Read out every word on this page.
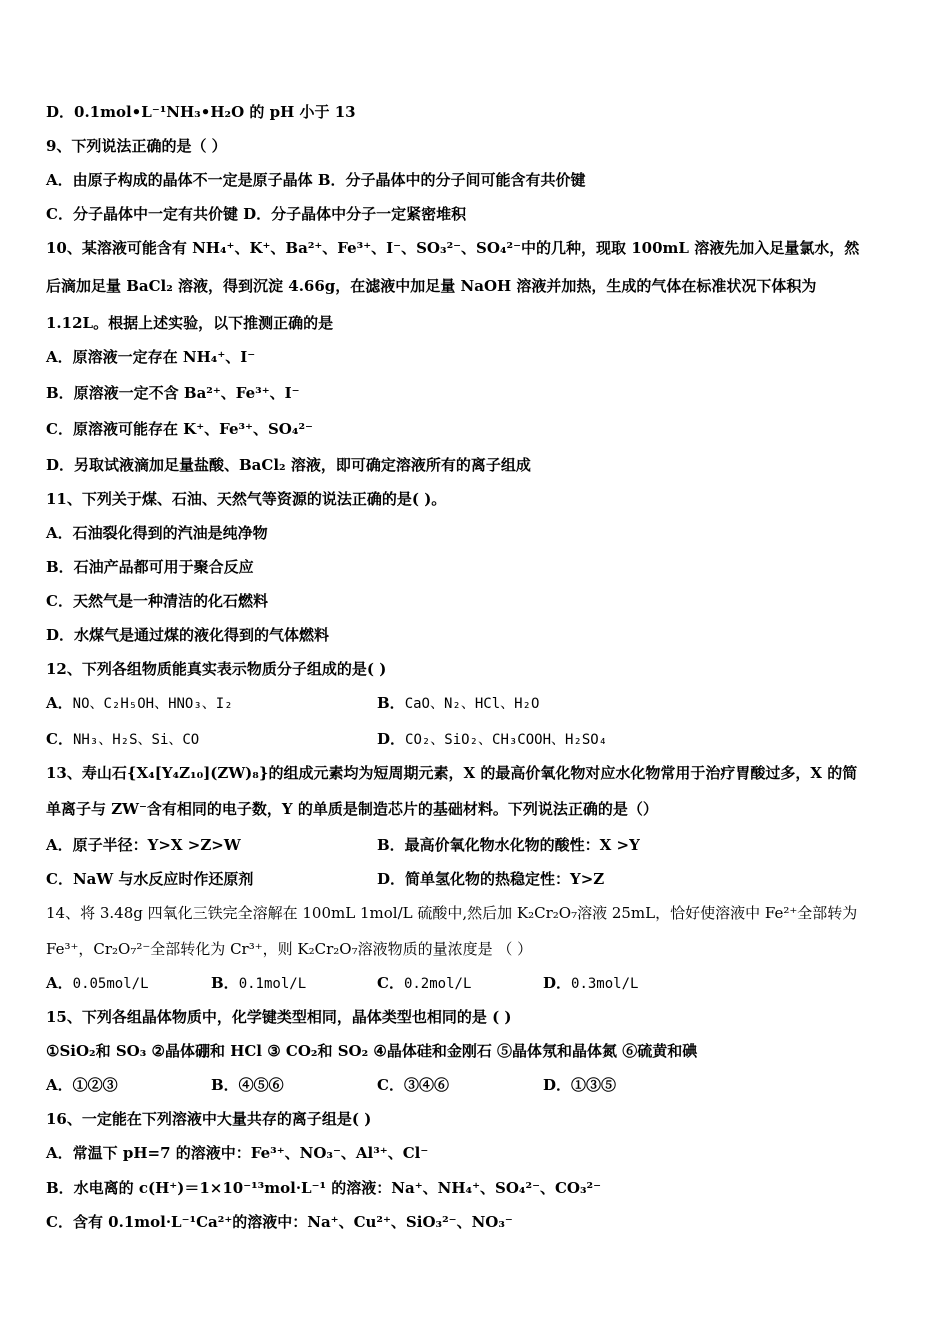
D．0.1mol•L⁻¹NH₃•H₂O 的 pH 小于 13
9、下列说法正确的是（ ）
A．由原子构成的晶体不一定是原子晶体 B．分子晶体中的分子间可能含有共价键
C．分子晶体中一定有共价键 D．分子晶体中分子一定紧密堆积
10、某溶液可能含有 NH₄⁺、K⁺、Ba²⁺、Fe³⁺、I⁻、SO₃²⁻、SO₄²⁻中的几种，现取 100mL 溶液先加入足量氯水，然
后滴加足量 BaCl₂ 溶液，得到沉淀 4.66g，在滤液中加足量 NaOH 溶液并加热，生成的气体在标准状况下体积为
1.12L。根据上述实验，以下推测正确的是
A．原溶液一定存在 NH₄⁺、I⁻
B．原溶液一定不含 Ba²⁺、Fe³⁺、I⁻
C．原溶液可能存在 K⁺、Fe³⁺、SO₄²⁻
D．另取试液滴加足量盐酸、BaCl₂ 溶液，即可确定溶液所有的离子组成
11、下列关于煤、石油、天然气等资源的说法正确的是( )。
A．石油裂化得到的汽油是纯净物
B．石油产品都可用于聚合反应
C．天然气是一种清洁的化石燃料
D．水煤气是通过煤的液化得到的气体燃料
12、下列各组物质能真实表示物质分子组成的是( )
A．NO、C₂H₅OH、HNO₃、I₂	B．CaO、N₂、HCl、H₂O
C．NH₃、H₂S、Si、CO	D．CO₂、SiO₂、CH₃COOH、H₂SO₄
13、寿山石{X₄[Y₄Z₁₀](ZW)₈}的组成元素均为短周期元素，X 的最高价氧化物对应水化物常用于治疗胃酸过多，X 的简
单离子与 ZW⁻含有相同的电子数，Y 的单质是制造芯片的基础材料。下列说法正确的是（）
A．原子半径：Y>X >Z>W	B．最高价氧化物水化物的酸性：X >Y
C．NaW 与水反应时作还原剂	D．简单氢化物的热稳定性：Y>Z
14、将 3.48g 四氧化三铁完全溶解在 100mL 1mol/L 硫酸中,然后加 K₂Cr₂O₇溶液 25mL，恰好使溶液中 Fe²⁺全部转为
Fe³⁺，Cr₂O₇²⁻全部转化为 Cr³⁺，则 K₂Cr₂O₇溶液物质的量浓度是 （ ）
A．0.05mol/L	B．0.1mol/L	C．0.2mol/L	D．0.3mol/L
15、下列各组晶体物质中，化学键类型相同，晶体类型也相同的是 ( )
①SiO₂和 SO₃ ②晶体硼和 HCl ③ CO₂和 SO₂ ④晶体硅和金刚石 ⑤晶体氖和晶体氮 ⑥硫黄和碘
A．①②③	B．④⑤⑥	C．③④⑥	D．①③⑤
16、一定能在下列溶液中大量共存的离子组是( )
A．常温下 pH=7 的溶液中：Fe³⁺、NO₃⁻、Al³⁺、Cl⁻
B．水电离的 c(H⁺)＝1×10⁻¹³mol·L⁻¹ 的溶液：Na⁺、NH₄⁺、SO₄²⁻、CO₃²⁻
C．含有 0.1mol·L⁻¹Ca²⁺的溶液中：Na⁺、Cu²⁺、SiO₃²⁻、NO₃⁻
